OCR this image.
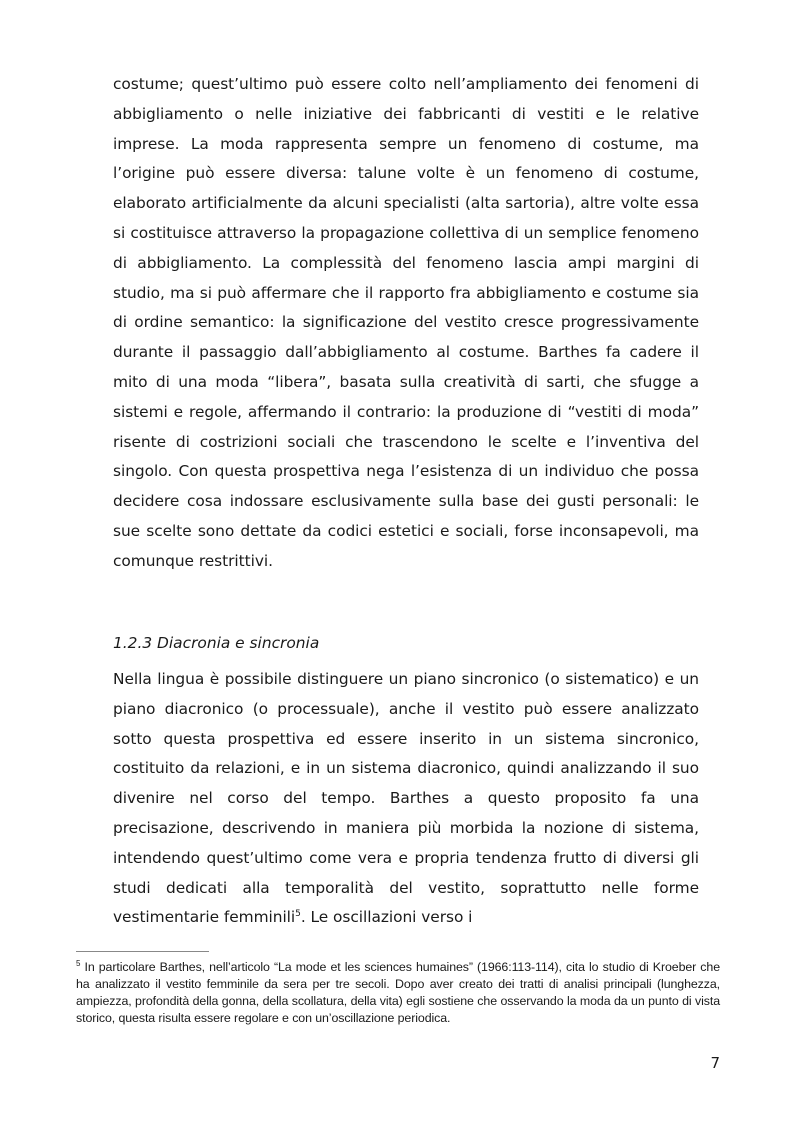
costume; quest’ultimo può essere colto nell’ampliamento dei fenomeni di abbigliamento o nelle iniziative dei fabbricanti di vestiti e le relative imprese. La moda rappresenta sempre un fenomeno di costume, ma l’origine può essere diversa: talune volte è un fenomeno di costume, elaborato artificialmente da alcuni specialisti (alta sartoria), altre volte essa si costituisce attraverso la propagazione collettiva di un semplice fenomeno di abbigliamento. La complessità del fenomeno lascia ampi margini di studio, ma si può affermare che il rapporto fra abbigliamento e costume sia di ordine semantico: la significazione del vestito cresce progressivamente durante il passaggio dall’abbigliamento al costume. Barthes fa cadere il mito di una moda “libera”, basata sulla creatività di sarti, che sfugge a sistemi e regole, affermando il contrario: la produzione di “vestiti di moda” risente di costrizioni sociali che trascendono le scelte e l’inventiva del singolo. Con questa prospettiva nega l’esistenza di un individuo che possa decidere cosa indossare esclusivamente sulla base dei gusti personali: le sue scelte sono dettate da codici estetici e sociali, forse inconsapevoli, ma comunque restrittivi.

1.2.3 Diacronia e sincronia

Nella lingua è possibile distinguere un piano sincronico (o sistematico) e un piano diacronico (o processuale), anche il vestito può essere analizzato sotto questa prospettiva ed essere inserito in un sistema sincronico, costituito da relazioni, e in un sistema diacronico, quindi analizzando il suo divenire nel corso del tempo. Barthes a questo proposito fa una precisazione, descrivendo in maniera più morbida la nozione di sistema, intendendo quest’ultimo come vera e propria tendenza frutto di diversi gli studi dedicati alla temporalità del vestito, soprattutto nelle forme vestimentarie femminili$^5$. Le oscillazioni verso i

$^5$ In particolare Barthes, nell’articolo “La mode et les sciences humaines” (1966:113-114), cita lo studio di Kroeber che ha analizzato il vestito femminile da sera per tre secoli. Dopo aver creato dei tratti di analisi principali (lunghezza, ampiezza, profondità della gonna, della scollatura, della vita) egli sostiene che osservando la moda da un punto di vista storico, questa risulta essere regolare e con un’oscillazione periodica.

7
